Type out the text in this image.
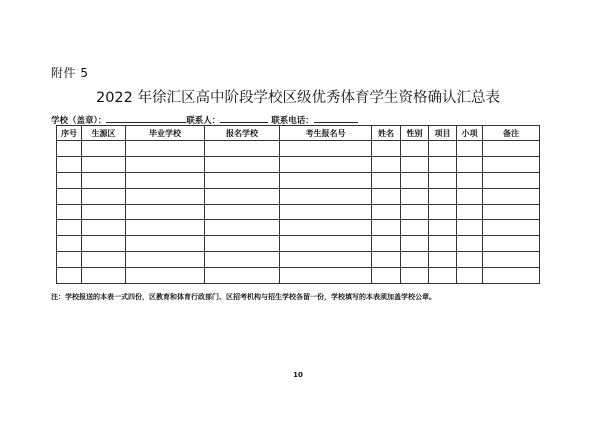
附件 5
2022 年徐汇区高中阶段学校区级优秀体育学生资格确认汇总表
学校（盖章）：	联系人：	联系电话：
序号	生源区	毕业学校	报名学校	考生报名号	姓名	性别	项目	小项	备注

注：学校报送的本表一式四份，区教育和体育行政部门、区招考机构与招生学校各留一份，学校填写的本表须加盖学校公章。
10
